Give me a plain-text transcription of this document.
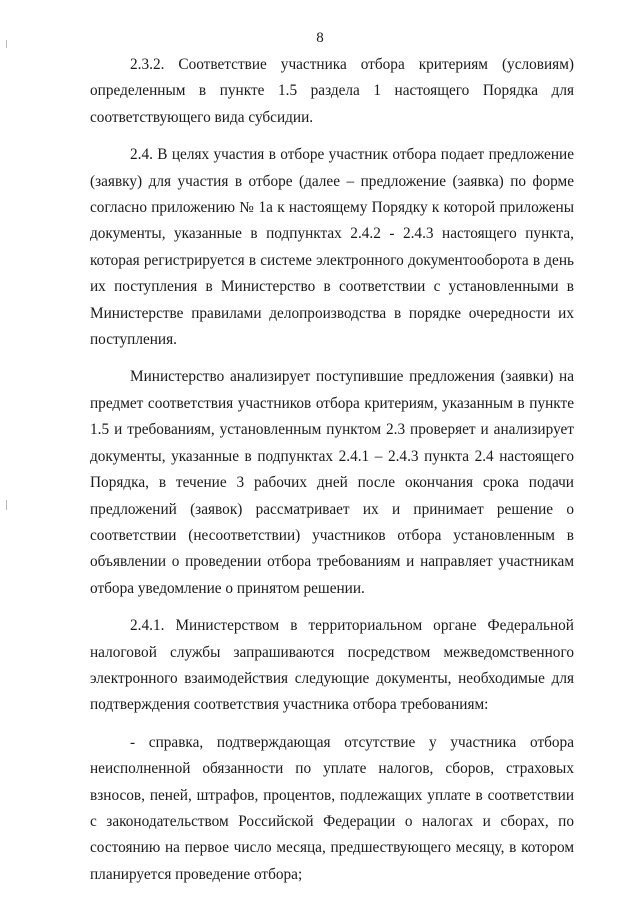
8

2.3.2. Соответствие участника отбора критериям (условиям) определенным в пункте 1.5 раздела 1 настоящего Порядка для соответствующего вида субсидии.

2.4. В целях участия в отборе участник отбора подает предложение (заявку) для участия в отборе (далее – предложение (заявка) по форме согласно приложению № 1а к настоящему Порядку к которой приложены документы, указанные в подпунктах 2.4.2 - 2.4.3 настоящего пункта, которая регистрируется в системе электронного документооборота в день их поступления в Министерство в соответствии с установленными в Министерстве правилами делопроизводства в порядке очередности их поступления.

Министерство анализирует поступившие предложения (заявки) на предмет соответствия участников отбора критериям, указанным в пункте 1.5 и требованиям, установленным пунктом 2.3 проверяет и анализирует документы, указанные в подпунктах 2.4.1 – 2.4.3 пункта 2.4 настоящего Порядка, в течение 3 рабочих дней после окончания срока подачи предложений (заявок) рассматривает их и принимает решение о соответствии (несоответствии) участников отбора установленным в объявлении о проведении отбора требованиям и направляет участникам отбора уведомление о принятом решении.

2.4.1. Министерством в территориальном органе Федеральной налоговой службы запрашиваются посредством межведомственного электронного взаимодействия следующие документы, необходимые для подтверждения соответствия участника отбора требованиям:

- справка, подтверждающая отсутствие у участника отбора неисполненной обязанности по уплате налогов, сборов, страховых взносов, пеней, штрафов, процентов, подлежащих уплате в соответствии с законодательством Российской Федерации о налогах и сборах, по состоянию на первое число месяца, предшествующего месяцу, в котором планируется проведение отбора;
